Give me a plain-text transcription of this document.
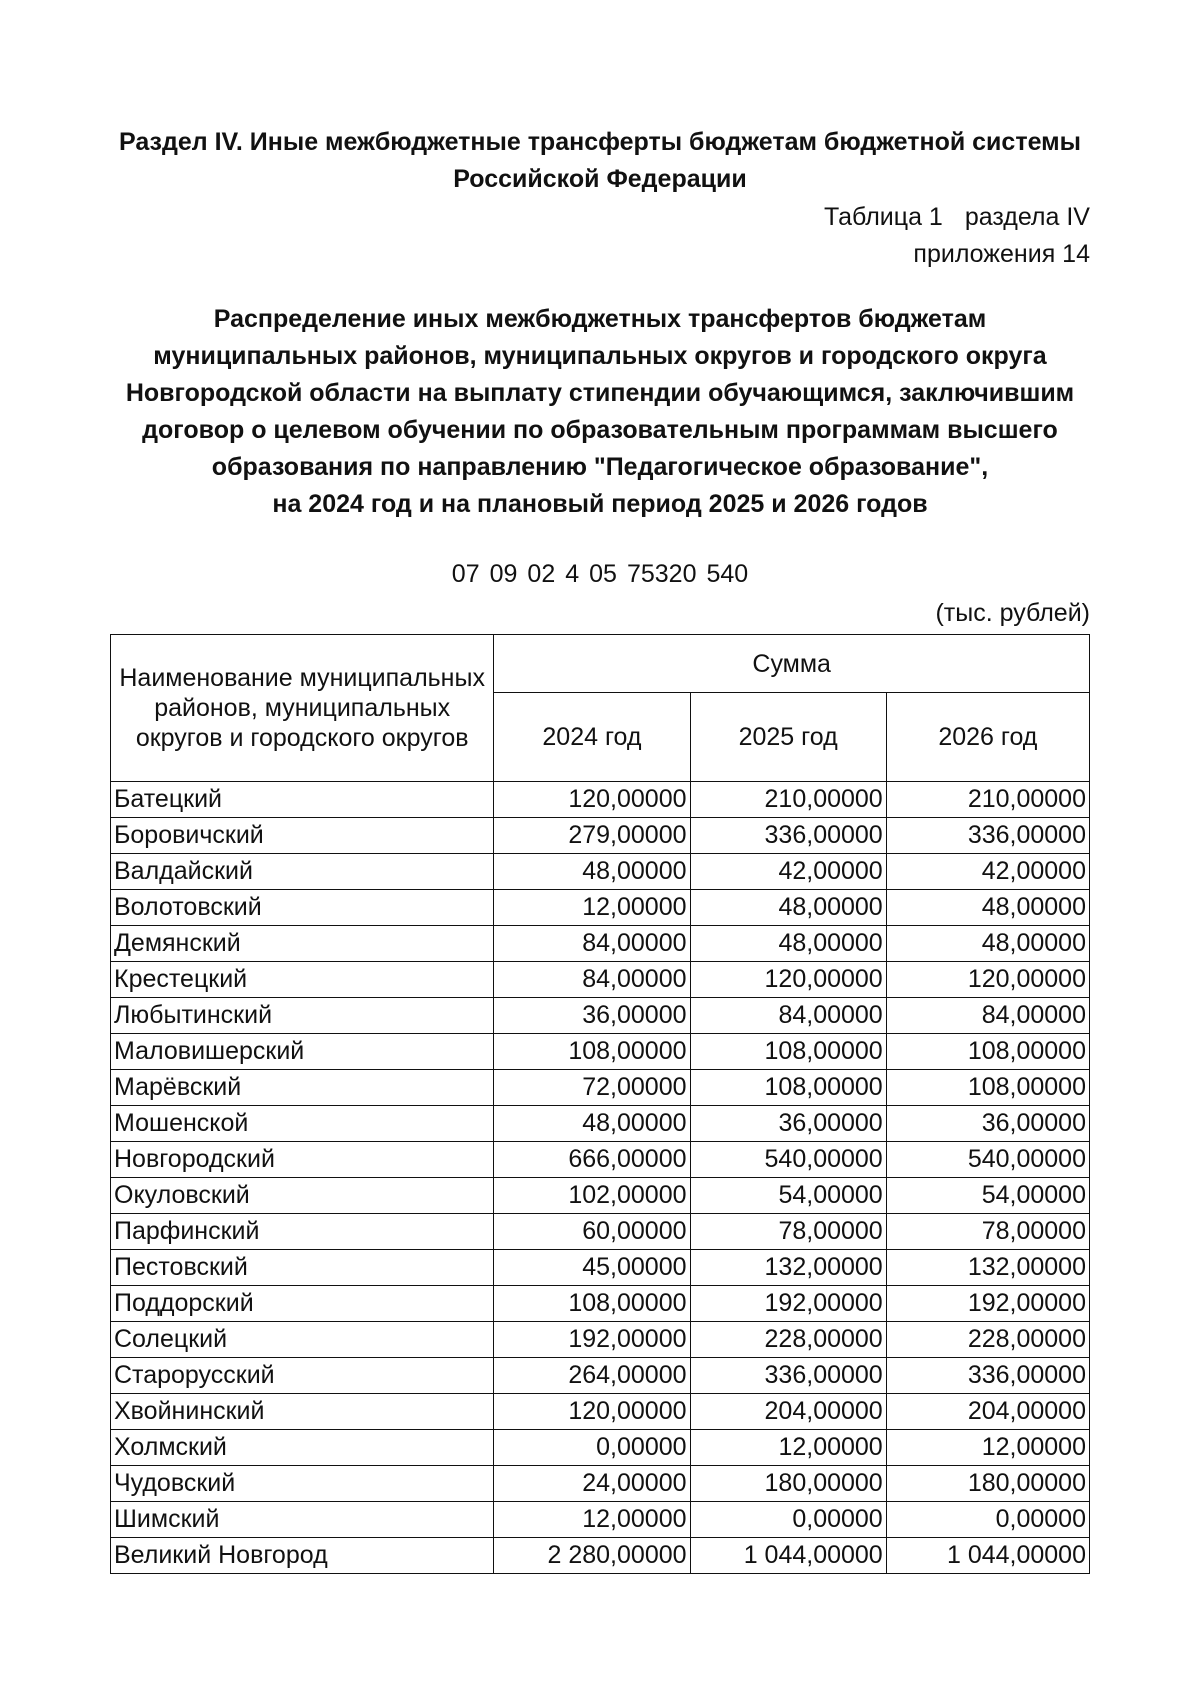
Раздел IV. Иные межбюджетные трансферты бюджетам бюджетной системы
Российской Федерации
Таблица 1 раздела IV
приложения 14
Распределение иных межбюджетных трансфертов бюджетам
муниципальных районов, муниципальных округов и городского округа
Новгородской области на выплату стипендии обучающимся, заключившим
договор о целевом обучении по образовательным программам высшего
образования по направлению "Педагогическое образование",
на 2024 год и на плановый период 2025 и 2026 годов
07 09 02 4 05 75320 540
(тыс. рублей)
Наименование муниципальных районов, муниципальных округов и городского округов	Сумма		
	2024 год	2025 год	2026 год
Батецкий	120,00000	210,00000	210,00000
Боровичский	279,00000	336,00000	336,00000
Валдайский	48,00000	42,00000	42,00000
Волотовский	12,00000	48,00000	48,00000
Демянский	84,00000	48,00000	48,00000
Крестецкий	84,00000	120,00000	120,00000
Любытинский	36,00000	84,00000	84,00000
Маловишерский	108,00000	108,00000	108,00000
Марёвский	72,00000	108,00000	108,00000
Мошенской	48,00000	36,00000	36,00000
Новгородский	666,00000	540,00000	540,00000
Окуловский	102,00000	54,00000	54,00000
Парфинский	60,00000	78,00000	78,00000
Пестовский	45,00000	132,00000	132,00000
Поддорский	108,00000	192,00000	192,00000
Солецкий	192,00000	228,00000	228,00000
Старорусский	264,00000	336,00000	336,00000
Хвойнинский	120,00000	204,00000	204,00000
Холмский	0,00000	12,00000	12,00000
Чудовский	24,00000	180,00000	180,00000
Шимский	12,00000	0,00000	0,00000
Великий Новгород	2 280,00000	1 044,00000	1 044,00000
